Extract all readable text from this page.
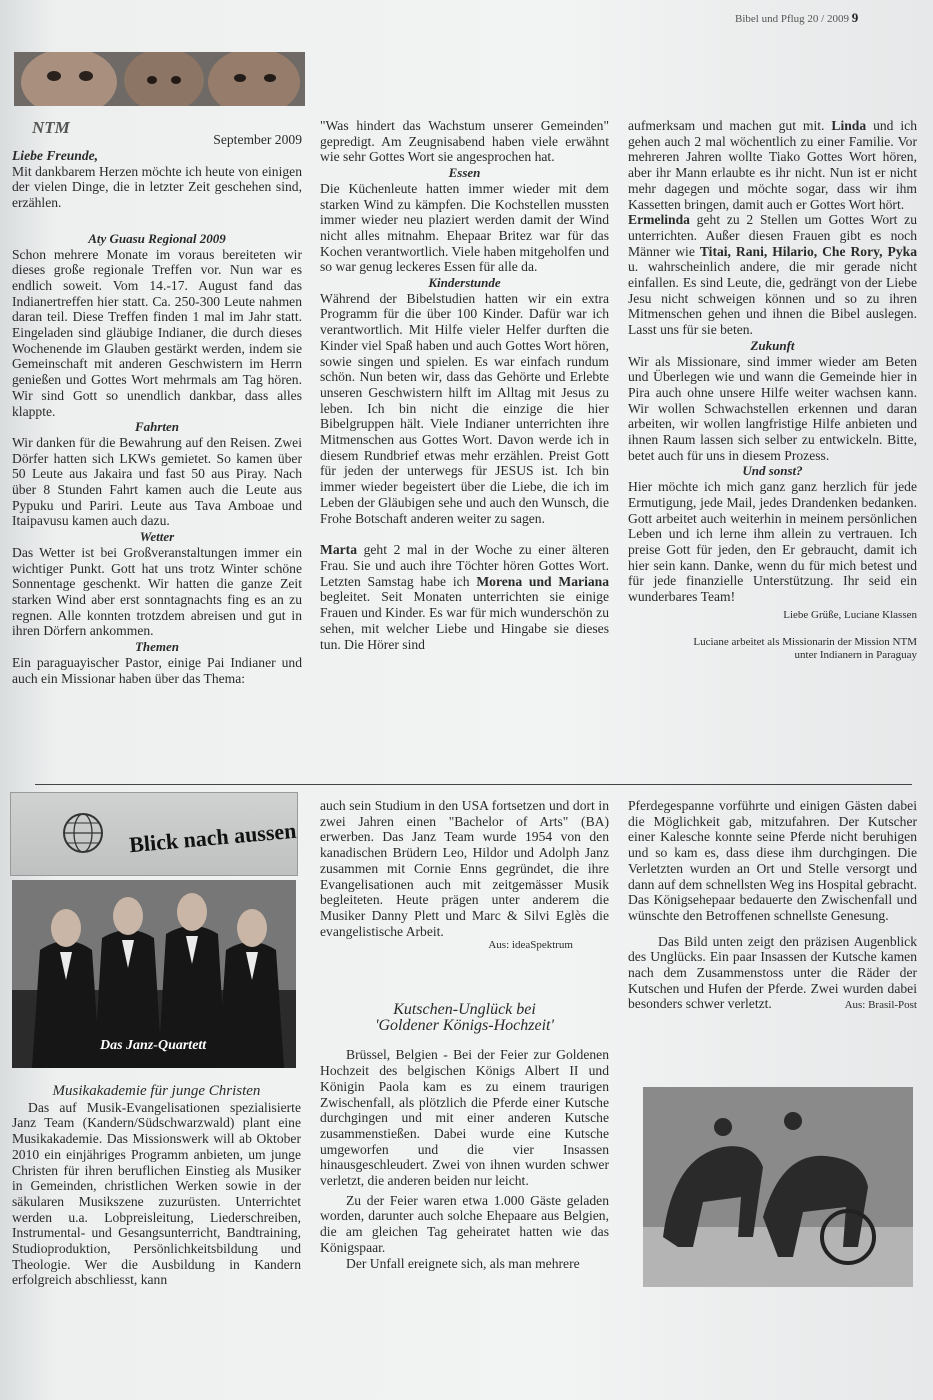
Bibel und Pflug 20 / 2009 9
NTM
September 2009

Liebe Freunde,

Mit dankbarem Herzen möchte ich heute von einigen der vielen Dinge, die in letzter Zeit geschehen sind, erzählen.

Aty Guasu Regional 2009

Schon mehrere Monate im voraus bereiteten wir dieses große regionale Treffen vor. Nun war es endlich soweit. Vom 14.-17. August fand das Indianertreffen hier statt. Ca. 250-300 Leute nahmen daran teil. Diese Treffen finden 1 mal im Jahr statt. Eingeladen sind gläubige Indianer, die durch dieses Wochenende im Glauben gestärkt werden, indem sie Gemeinschaft mit anderen Geschwistern im Herrn genießen und Gottes Wort mehrmals am Tag hören. Wir sind Gott so unendlich dankbar, dass alles klappte.

Fahrten

Wir danken für die Bewahrung auf den Reisen. Zwei Dörfer hatten sich LKWs gemietet. So kamen über 50 Leute aus Jakaira und fast 50 aus Piray. Nach über 8 Stunden Fahrt kamen auch die Leute aus Pypuku und Pariri. Leute aus Tava Amboae und Itaipavusu kamen auch dazu.

Wetter

Das Wetter ist bei Großveranstaltungen immer ein wichtiger Punkt. Gott hat uns trotz Winter schöne Sonnentage geschenkt. Wir hatten die ganze Zeit starken Wind aber erst sonntagnachts fing es an zu regnen. Alle konnten trotzdem abreisen und gut in ihren Dörfern ankommen.

Themen

Ein paraguayischer Pastor, einige Pai Indianer und auch ein Missionar haben über das Thema:

"Was hindert das Wachstum unserer Gemeinden" gepredigt. Am Zeugnisabend haben viele erwähnt wie sehr Gottes Wort sie angesprochen hat.

Essen

Die Küchenleute hatten immer wieder mit dem starken Wind zu kämpfen. Die Kochstellen mussten immer wieder neu plaziert werden damit der Wind nicht alles mitnahm. Ehepaar Britez war für das Kochen verantwortlich. Viele haben mitgeholfen und so war genug leckeres Essen für alle da.

Kinderstunde

Während der Bibelstudien hatten wir ein extra Programm für die über 100 Kinder. Dafür war ich verantwortlich. Mit Hilfe vieler Helfer durften die Kinder viel Spaß haben und auch Gottes Wort hören, sowie singen und spielen. Es war einfach rundum schön. Nun beten wir, dass das Gehörte und Erlebte unseren Geschwistern hilft im Alltag mit Jesus zu leben. Ich bin nicht die einzige die hier Bibelgruppen hält. Viele Indianer unterrichten ihre Mitmenschen aus Gottes Wort. Davon werde ich in diesem Rundbrief etwas mehr erzählen. Preist Gott für jeden der unterwegs für JESUS ist. Ich bin immer wieder begeistert über die Liebe, die ich im Leben der Gläubigen sehe und auch den Wunsch, die Frohe Botschaft anderen weiter zu sagen.

Marta geht 2 mal in der Woche zu einer älteren Frau. Sie und auch ihre Töchter hören Gottes Wort. Letzten Samstag habe ich Morena und Mariana begleitet. Seit Monaten unterrichten sie einige Frauen und Kinder. Es war für mich wunderschön zu sehen, mit welcher Liebe und Hingabe sie dieses tun. Die Hörer sind

aufmerksam und machen gut mit. Linda und ich gehen auch 2 mal wöchentlich zu einer Familie. Vor mehreren Jahren wollte Tiako Gottes Wort hören, aber ihr Mann erlaubte es ihr nicht. Nun ist er nicht mehr dagegen und möchte sogar, dass wir ihm Kassetten bringen, damit auch er Gottes Wort hört.

Ermelinda geht zu 2 Stellen um Gottes Wort zu unterrichten. Außer diesen Frauen gibt es noch Männer wie Titai, Rani, Hilario, Che Rory, Pyka u. wahrscheinlich andere, die mir gerade nicht einfallen. Es sind Leute, die, gedrängt von der Liebe Jesu nicht schweigen können und so zu ihren Mitmenschen gehen und ihnen die Bibel auslegen. Lasst uns für sie beten.

Zukunft

Wir als Missionare, sind immer wieder am Beten und Überlegen wie und wann die Gemeinde hier in Pira auch ohne unsere Hilfe weiter wachsen kann. Wir wollen Schwachstellen erkennen und daran arbeiten, wir wollen langfristige Hilfe anbieten und ihnen Raum lassen sich selber zu entwickeln. Bitte, betet auch für uns in diesem Prozess.

Und sonst?

Hier möchte ich mich ganz ganz herzlich für jede Ermutigung, jede Mail, jedes Drandenken bedanken. Gott arbeitet auch weiterhin in meinem persönlichen Leben und ich lerne ihm allein zu vertrauen. Ich preise Gott für jeden, den Er gebraucht, damit ich hier sein kann. Danke, wenn du für mich betest und für jede finanzielle Unterstützung. Ihr seid ein wunderbares Team!

Liebe Grüße, Luciane Klassen

Luciane arbeitet als Missionarin der Mission NTM unter Indianern in Paraguay

Blick nach aussen
Das Janz-Quartett

Musikakademie für junge Christen

Das auf Musik-Evangelisationen spezialisierte Janz Team (Kandern/Südschwarzwald) plant eine Musikakademie. Das Missionswerk will ab Oktober 2010 ein einjähriges Programm anbieten, um junge Christen für ihren beruflichen Einstieg als Musiker in Gemeinden, christlichen Werken sowie in der säkularen Musikszene zuzurüsten. Unterrichtet werden u.a. Lobpreisleitung, Liederschreiben, Instrumental- und Gesangsunterricht, Bandtraining, Studioproduktion, Persönlichkeitsbildung und Theologie. Wer die Ausbildung in Kandern erfolgreich abschliesst, kann

auch sein Studium in den USA fortsetzen und dort in zwei Jahren einen "Bachelor of Arts" (BA) erwerben. Das Janz Team wurde 1954 von den kanadischen Brüdern Leo, Hildor und Adolph Janz zusammen mit Cornie Enns gegründet, die ihre Evangelisationen auch mit zeitgemässer Musik begleiteten. Heute prägen unter anderem die Musiker Danny Plett und Marc & Silvi Eglès die evangelistische Arbeit.

Aus: ideaSpektrum

Kutschen-Unglück bei

'Goldener Königs-Hochzeit'

Brüssel, Belgien - Bei der Feier zur Goldenen Hochzeit des belgischen Königs Albert II und Königin Paola kam es zu einem traurigen Zwischenfall, als plötzlich die Pferde einer Kutsche durchgingen und mit einer anderen Kutsche zusammenstießen. Dabei wurde eine Kutsche umgeworfen und die vier Insassen hinausgeschleudert. Zwei von ihnen wurden schwer verletzt, die anderen beiden nur leicht.

Zu der Feier waren etwa 1.000 Gäste geladen worden, darunter auch solche Ehepaare aus Belgien, die am gleichen Tag geheiratet hatten wie das Königspaar.

Der Unfall ereignete sich, als man mehrere

Pferdegespanne vorführte und einigen Gästen dabei die Möglichkeit gab, mitzufahren. Der Kutscher einer Kalesche konnte seine Pferde nicht beruhigen und so kam es, dass diese ihm durchgingen. Die Verletzten wurden an Ort und Stelle versorgt und dann auf dem schnellsten Weg ins Hospital gebracht. Das Königsehepaar bedauerte den Zwischenfall und wünschte den Betroffenen schnellste Genesung.

Das Bild unten zeigt den präzisen Augenblick des Unglücks. Ein paar Insassen der Kutsche kamen nach dem Zusammenstoss unter die Räder der Kutschen und Hufen der Pferde. Zwei wurden dabei besonders schwer verletzt.	Aus: Brasil-Post
